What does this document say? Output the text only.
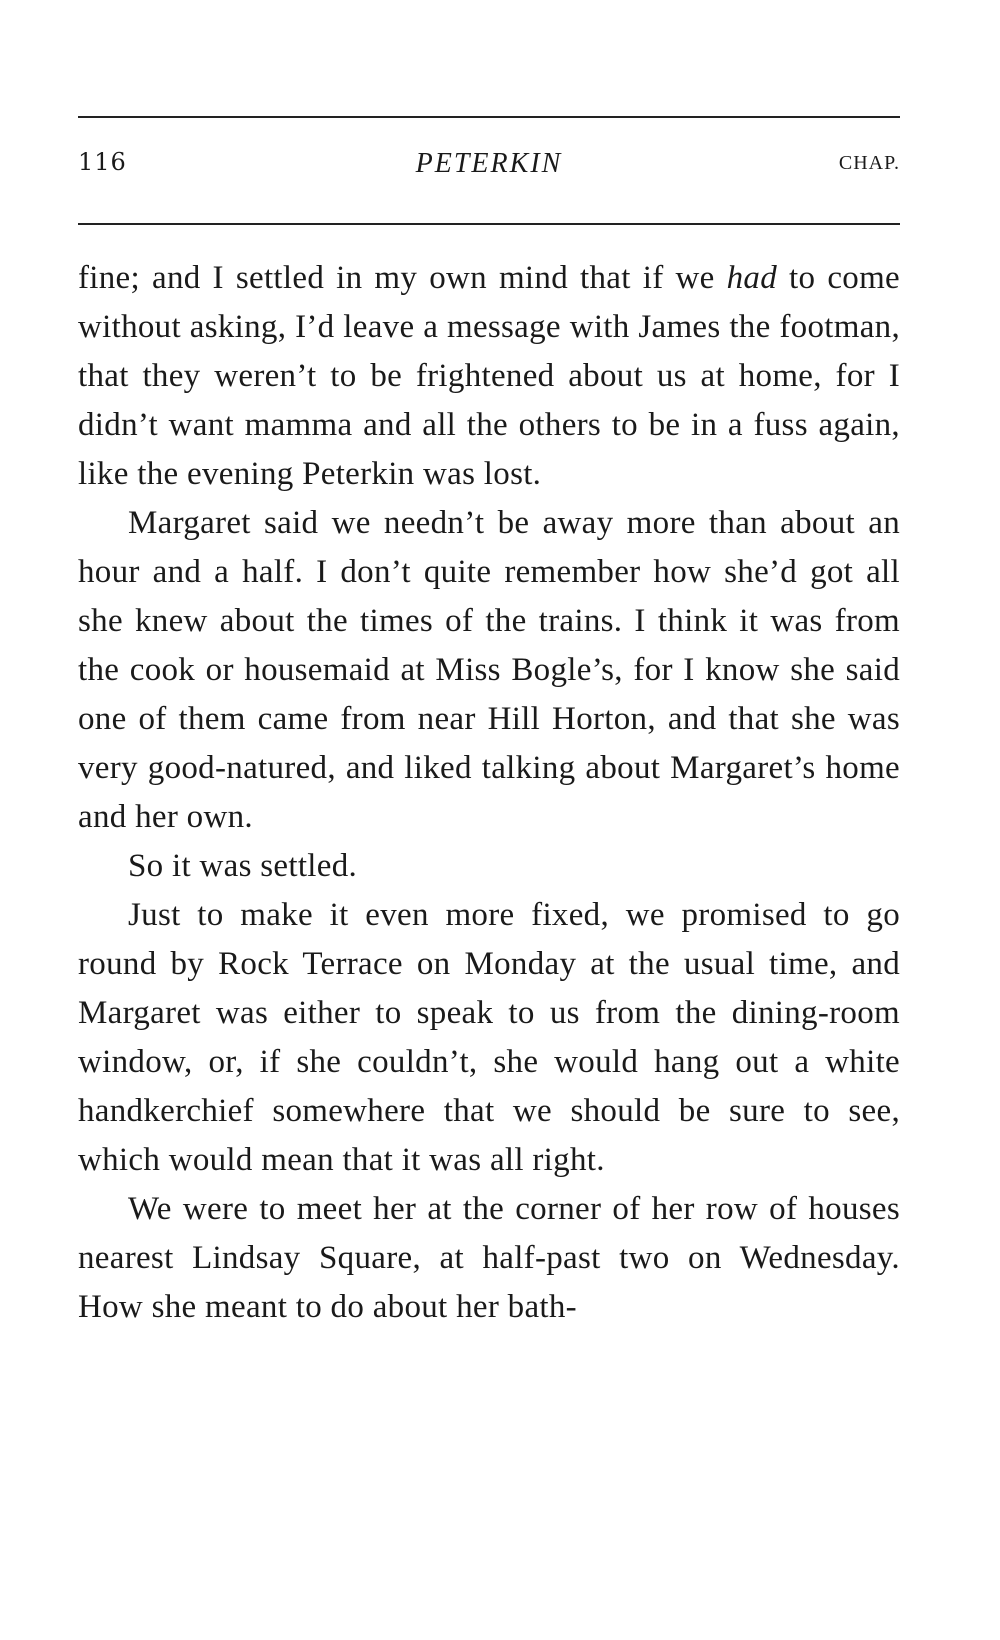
116	PETERKIN	CHAP.

fine; and I settled in my own mind that if we had to come without asking, I’d leave a message with James the footman, that they weren’t to be frightened about us at home, for I didn’t want mamma and all the others to be in a fuss again, like the evening Peterkin was lost.

Margaret said we needn’t be away more than about an hour and a half. I don’t quite remember how she’d got all she knew about the times of the trains. I think it was from the cook or housemaid at Miss Bogle’s, for I know she said one of them came from near Hill Horton, and that she was very good-natured, and liked talking about Margaret’s home and her own.

So it was settled.

Just to make it even more fixed, we promised to go round by Rock Terrace on Monday at the usual time, and Margaret was either to speak to us from the dining-room window, or, if she couldn’t, she would hang out a white handkerchief somewhere that we should be sure to see, which would mean that it was all right.

We were to meet her at the corner of her row of houses nearest Lindsay Square, at half-past two on Wednesday. How she meant to do about her bath-
